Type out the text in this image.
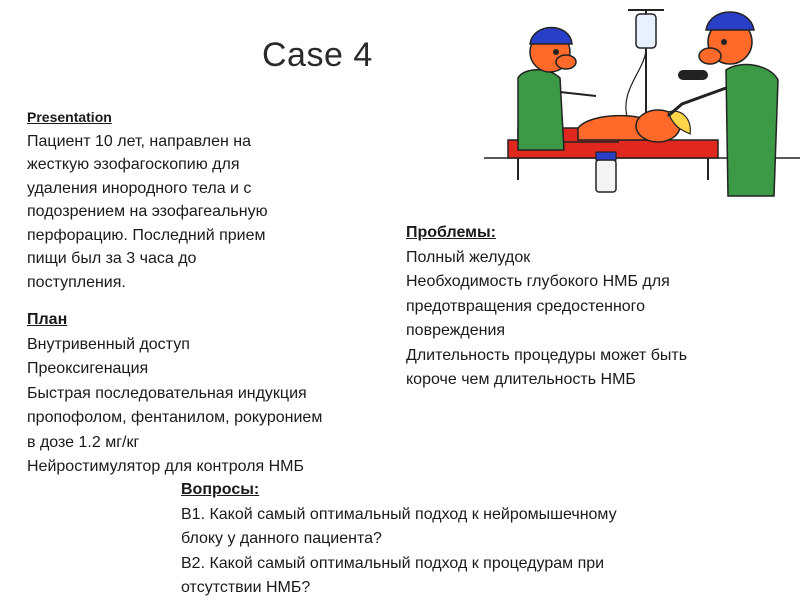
Case 4
Presentation
Пациент 10 лет, направлен на
жесткую эзофагоскопию для
удаления инородного тела и с
подозрением на эзофагеальную
перфорацию. Последний прием
пищи был за 3 часа до
поступления.
План
Внутривенный доступ
Преоксигенация
Быстрая последовательная индукция
пропофолом, фентанилом, рокуронием
в дозе 1.2 мг/кг
Нейростимулятор для контроля НМБ
Проблемы:
Полный желудок
Необходимость глубокого НМБ для
предотвращения средостенного
повреждения
Длительность процедуры может быть
короче чем длительность НМБ
Вопросы:
В1. Какой самый оптимальный подход к нейромышечному
блоку у данного пациента?
В2. Какой самый оптимальный подход к процедурам при
отсутствии НМБ?
